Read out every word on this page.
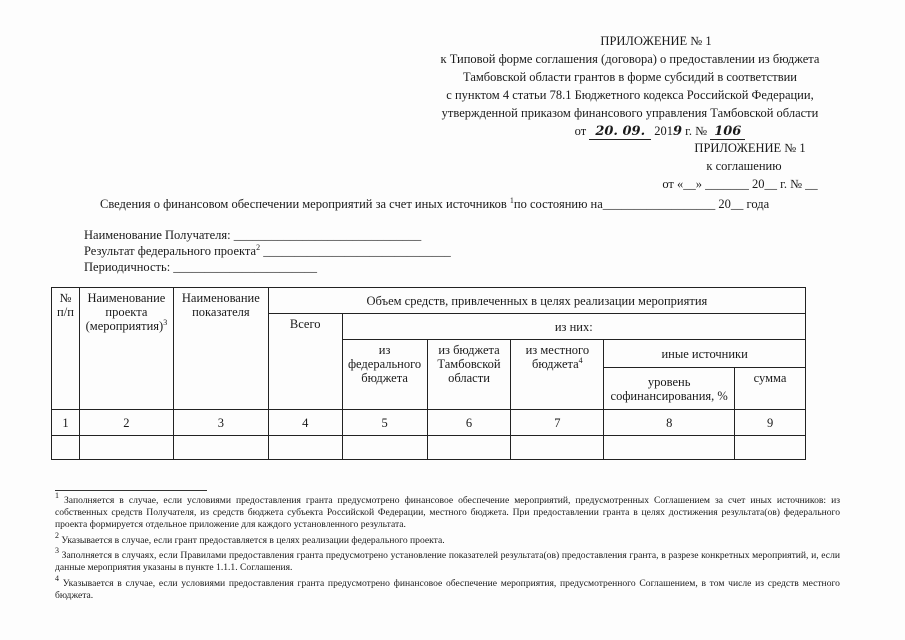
ПРИЛОЖЕНИЕ № 1
к Типовой форме соглашения (договора) о предоставлении из бюджета
Тамбовской области грантов в форме субсидий в соответствии
с пунктом 4 статьи 78.1 Бюджетного кодекса Российской Федерации,
утвержденной приказом финансового управления Тамбовской области
от 20. 09. 2019 г. № 106
ПРИЛОЖЕНИЕ № 1
к соглашению
от «__» _______ 20__ г. № __
Сведения о финансовом обеспечении мероприятий за счет иных источников $^1$по состоянию на__________________ 20__ года
Наименование Получателя: ______________________________
Результат федерального проекта$^2$ ______________________________
Периодичность: _______________________
№ п/п	Наименование проекта (мероприятия)$^3$	Наименование показателя	Объем средств, привлеченных в целях реализации мероприятия					
			Всего	из них:				
				из федерального бюджета	из бюджета Тамбовской области	из местного бюджета$^4$	иные источники	
							уровень софинансирования, %	сумма
1	2	3	4	5	6	7	8	9

$^1$ Заполняется в случае, если условиями предоставления гранта предусмотрено финансовое обеспечение мероприятий, предусмотренных Соглашением за счет иных источников: из собственных средств Получателя, из средств бюджета субъекта Российской Федерации, местного бюджета. При предоставлении гранта в целях достижения результата(ов) федерального проекта формируется отдельное приложение для каждого установленного результата.
$^2$ Указывается в случае, если грант предоставляется в целях реализации федерального проекта.
$^3$ Заполняется в случаях, если Правилами предоставления гранта предусмотрено установление показателей результата(ов) предоставления гранта, в разрезе конкретных мероприятий, и, если данные мероприятия указаны в пункте 1.1.1. Соглашения.
$^4$ Указывается в случае, если условиями предоставления гранта предусмотрено финансовое обеспечение мероприятия, предусмотренного Соглашением, в том числе из средств местного бюджета.
